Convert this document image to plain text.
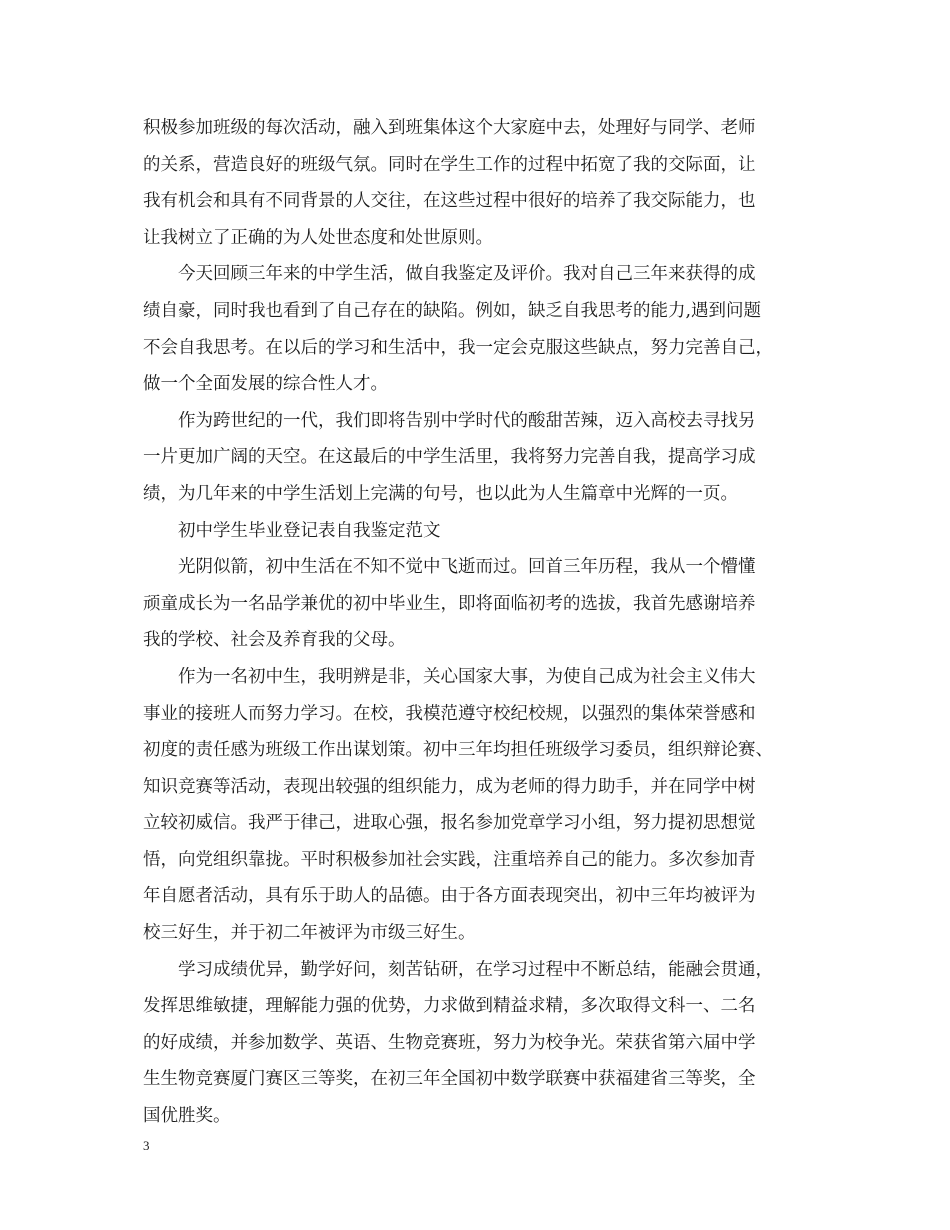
积极参加班级的每次活动，融入到班集体这个大家庭中去，处理好与同学、老师
的关系，营造良好的班级气氛。同时在学生工作的过程中拓宽了我的交际面，让
我有机会和具有不同背景的人交往，在这些过程中很好的培养了我交际能力，也
让我树立了正确的为人处世态度和处世原则。
今天回顾三年来的中学生活，做自我鉴定及评价。我对自己三年来获得的成
绩自豪，同时我也看到了自己存在的缺陷。例如，缺乏自我思考的能力,遇到问题
不会自我思考。在以后的学习和生活中，我一定会克服这些缺点，努力完善自己，
做一个全面发展的综合性人才。
作为跨世纪的一代，我们即将告别中学时代的酸甜苦辣，迈入高校去寻找另
一片更加广阔的天空。在这最后的中学生活里，我将努力完善自我，提高学习成
绩，为几年来的中学生活划上完满的句号，也以此为人生篇章中光辉的一页。
初中学生毕业登记表自我鉴定范文
光阴似箭，初中生活在不知不觉中飞逝而过。回首三年历程，我从一个懵懂
顽童成长为一名品学兼优的初中毕业生，即将面临初考的选拔，我首先感谢培养
我的学校、社会及养育我的父母。
作为一名初中生，我明辨是非，关心国家大事，为使自己成为社会主义伟大
事业的接班人而努力学习。在校，我模范遵守校纪校规，以强烈的集体荣誉感和
初度的责任感为班级工作出谋划策。初中三年均担任班级学习委员，组织辩论赛、
知识竞赛等活动，表现出较强的组织能力，成为老师的得力助手，并在同学中树
立较初威信。我严于律己，进取心强，报名参加党章学习小组，努力提初思想觉
悟，向党组织靠拢。平时积极参加社会实践，注重培养自己的能力。多次参加青
年自愿者活动，具有乐于助人的品德。由于各方面表现突出，初中三年均被评为
校三好生，并于初二年被评为市级三好生。
学习成绩优异，勤学好问，刻苦钻研，在学习过程中不断总结，能融会贯通，
发挥思维敏捷，理解能力强的优势，力求做到精益求精，多次取得文科一、二名
的好成绩，并参加数学、英语、生物竞赛班，努力为校争光。荣获省第六届中学
生生物竞赛厦门赛区三等奖，在初三年全国初中数学联赛中获福建省三等奖，全
国优胜奖。
3
